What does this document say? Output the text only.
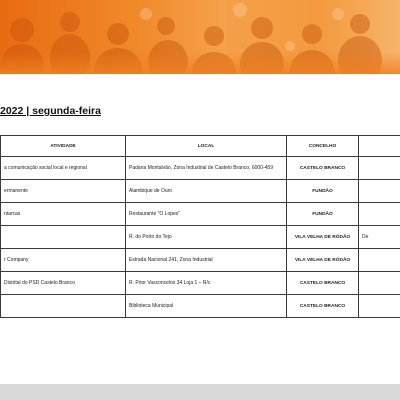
2022 | segunda-feira
ATIVIDADE	LOCAL	CONCELHO	
a comunicação social local e regional	Padaria Montalvão, Zona Industrial de Castelo Branco, 6000-459	CASTELO BRANCO	
ermanente	Alambique de Ouro	FUNDÃO	
ntarcas	Restaurante "O Lopes"	FUNDÃO	
	R. do Porto do Tejo	VILA VELHA DE RÓDÃO	De
r Company	Estrada Nacional 241, Zona Industrial	VILA VELHA DE RÓDÃO	
Distrital do PSD Castelo Branco	R. Prior Vasconcelos 34 Loja 1 – R/c	CASTELO BRANCO	
	Biblioteca Municipal	CASTELO BRANCO	
